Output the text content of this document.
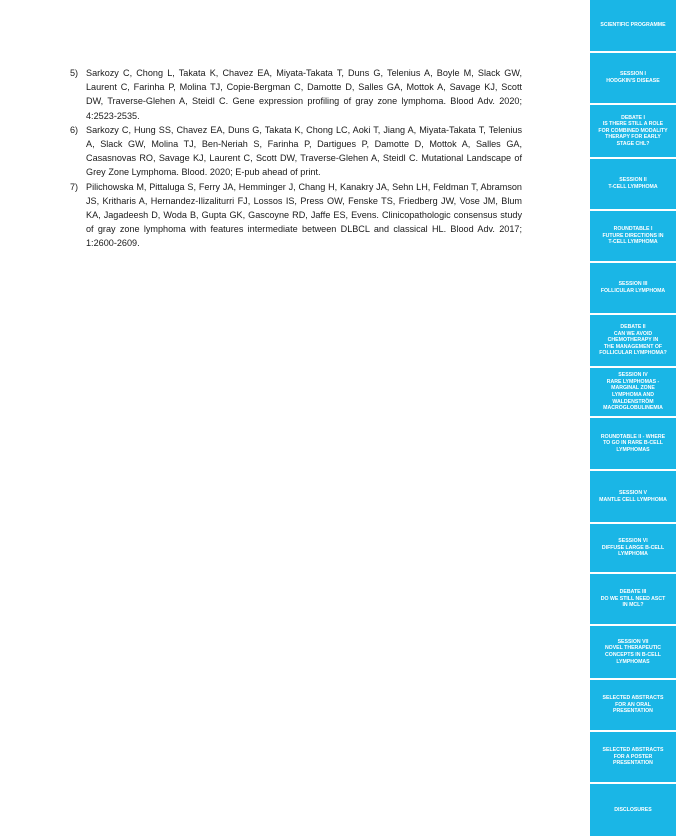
5) Sarkozy C, Chong L, Takata K, Chavez EA, Miyata-Takata T, Duns G, Telenius A, Boyle M, Slack GW, Laurent C, Farinha P, Molina TJ, Copie-Bergman C, Damotte D, Salles GA, Mottok A, Savage KJ, Scott DW, Traverse-Glehen A, Steidl C. Gene expression profiling of gray zone lymphoma. Blood Adv. 2020; 4:2523-2535.
6) Sarkozy C, Hung SS, Chavez EA, Duns G, Takata K, Chong LC, Aoki T, Jiang A, Miyata-Takata T, Telenius A, Slack GW, Molina TJ, Ben-Neriah S, Farinha P, Dartigues P, Damotte D, Mottok A, Salles GA, Casasnovas RO, Savage KJ, Laurent C, Scott DW, Traverse-Glehen A, Steidl C. Mutational Landscape of Grey Zone Lymphoma. Blood. 2020; E-pub ahead of print.
7) Pilichowska M, Pittaluga S, Ferry JA, Hemminger J, Chang H, Kanakry JA, Sehn LH, Feldman T, Abramson JS, Kritharis A, Hernandez-Ilizaliturri FJ, Lossos IS, Press OW, Fenske TS, Friedberg JW, Vose JM, Blum KA, Jagadeesh D, Woda B, Gupta GK, Gascoyne RD, Jaffe ES, Evens. Clinicopathologic consensus study of gray zone lymphoma with features intermediate between DLBCL and classical HL. Blood Adv. 2017; 1:2600-2609.
SCIENTIFIC PROGRAMME
SESSION I
HODGKIN'S DISEASE
DEBATE I
IS THERE STILL A ROLE
FOR COMBINED MODALITY
THERAPY FOR EARLY
STAGE CHL?
SESSION II
T-CELL LYMPHOMA
ROUNDTABLE I
FUTURE DIRECTIONS IN
T-CELL LYMPHOMA
SESSION III
FOLLICULAR LYMPHOMA
DEBATE II
CAN WE AVOID
CHEMOTHERAPY IN
THE MANAGEMENT OF
FOLLICULAR LYMPHOMA?
SESSION IV
RARE LYMPHOMAS -
MARGINAL ZONE
LYMPHOMA AND
WALDENSTRÖM
MACROGLOBULINEMIA
ROUNDTABLE II - WHERE
TO GO IN RARE B-CELL
LYMPHOMAS
SESSION V
MANTLE CELL LYMPHOMA
SESSION VI
DIFFUSE LARGE B-CELL
LYMPHOMA
DEBATE III
DO WE STILL NEED ASCT
IN MCL?
SESSION VII
NOVEL THERAPEUTIC
CONCEPTS IN B-CELL
LYMPHOMAS
SELECTED ABSTRACTS
FOR AN ORAL
PRESENTATION
SELECTED ABSTRACTS
FOR A POSTER
PRESENTATION
DISCLOSURES
